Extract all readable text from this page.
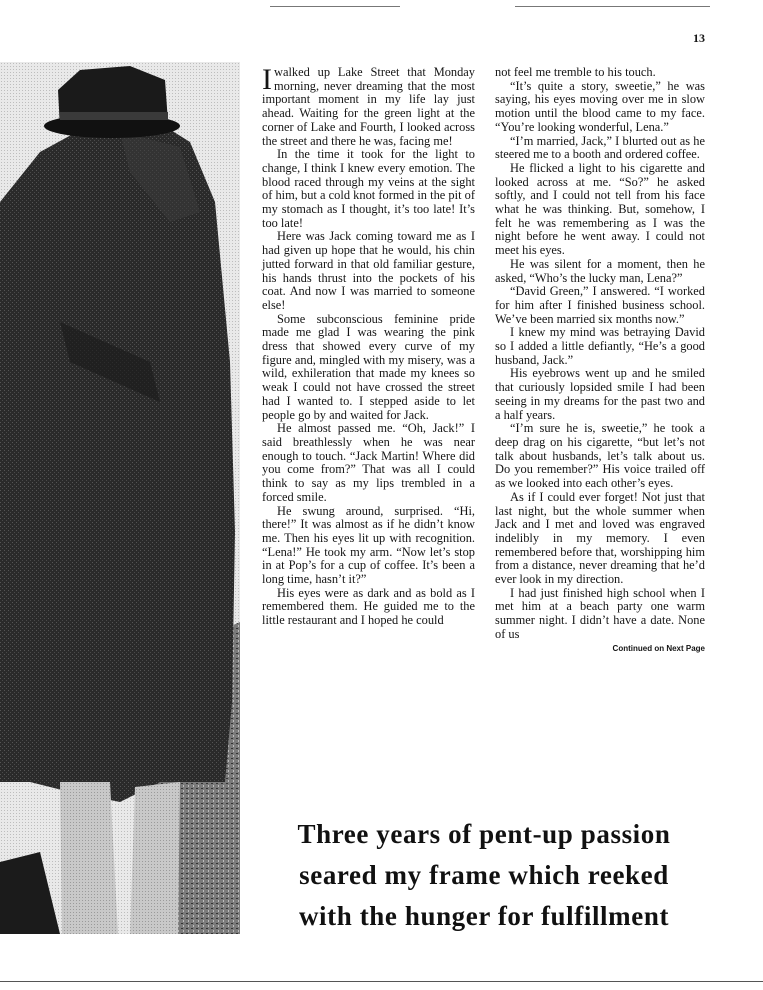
13

Iwalked up Lake Street that Monday morning, never dreaming that the most important moment in my life lay just ahead. Waiting for the green light at the corner of Lake and Fourth, I looked across the street and there he was, facing me!

In the time it took for the light to change, I think I knew every emotion. The blood raced through my veins at the sight of him, but a cold knot formed in the pit of my stomach as I thought, it’s too late! It’s too late!

Here was Jack coming toward me as I had given up hope that he would, his chin jutted forward in that old familiar gesture, his hands thrust into the pockets of his coat. And now I was married to someone else!

Some subconscious feminine pride made me glad I was wearing the pink dress that showed every curve of my figure and, mingled with my misery, was a wild, exhileration that made my knees so weak I could not have crossed the street had I wanted to. I stepped aside to let people go by and waited for Jack.

He almost passed me. “Oh, Jack!” I said breathlessly when he was near enough to touch. “Jack Martin! Where did you come from?” That was all I could think to say as my lips trembled in a forced smile.

He swung around, surprised. “Hi, there!” It was almost as if he didn’t know me. Then his eyes lit up with recognition. “Lena!” He took my arm. “Now let’s stop in at Pop’s for a cup of coffee. It’s been a long time, hasn’t it?”

His eyes were as dark and as bold as I remembered them. He guided me to the little restaurant and I hoped he could

not feel me tremble to his touch.

“It’s quite a story, sweetie,” he was saying, his eyes moving over me in slow motion until the blood came to my face. “You’re looking wonderful, Lena.”

“I’m married, Jack,” I blurted out as he steered me to a booth and ordered coffee.

He flicked a light to his cigarette and looked across at me. “So?” he asked softly, and I could not tell from his face what he was thinking. But, somehow, I felt he was remembering as I was the night before he went away. I could not meet his eyes.

He was silent for a moment, then he asked, “Who’s the lucky man, Lena?”

“David Green,” I answered. “I worked for him after I finished business school. We’ve been married six months now.”

I knew my mind was betraying David so I added a little defiantly, “He’s a good husband, Jack.”

His eyebrows went up and he smiled that curiously lopsided smile I had been seeing in my dreams for the past two and a half years.

“I’m sure he is, sweetie,” he took a deep drag on his cigarette, “but let’s not talk about husbands, let’s talk about us. Do you remember?” His voice trailed off as we looked into each other’s eyes.

As if I could ever forget! Not just that last night, but the whole summer when Jack and I met and loved was engraved indelibly in my memory. I even remembered before that, worshipping him from a distance, never dreaming that he’d ever look in my direction.

I had just finished high school when I met him at a beach party one warm summer night. I didn’t have a date. None of us

Continued on Next Page
Three years of pent-up passion
seared my frame which reeked
with the hunger for fulfillment
